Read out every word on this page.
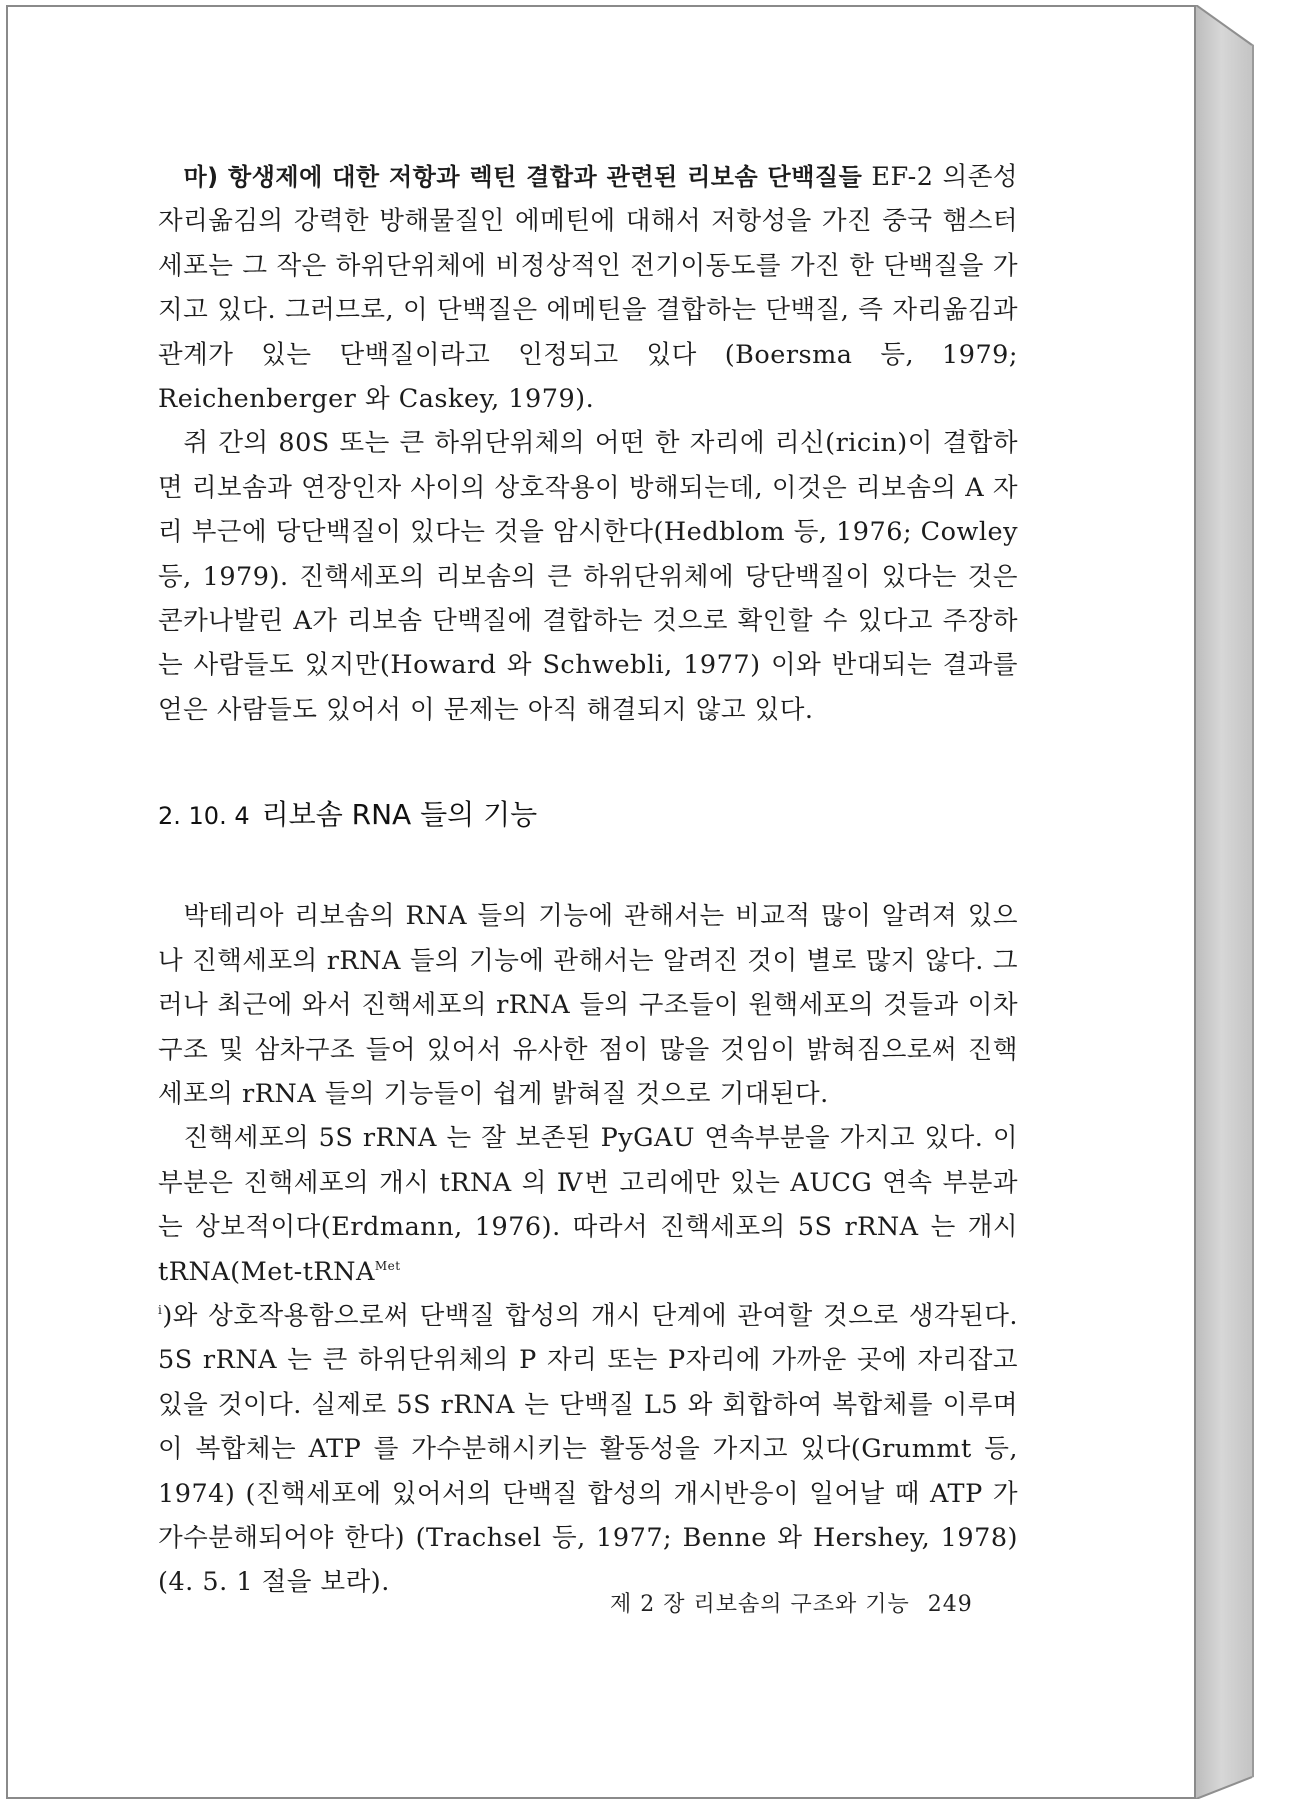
마) 항생제에 대한 저항과 렉틴 결합과 관련된 리보솜 단백질들 EF-2 의존성 자리옮김의 강력한 방해물질인 에메틴에 대해서 저항성을 가진 중국 햄스터 세포는 그 작은 하위단위체에 비정상적인 전기이동도를 가진 한 단백질을 가지고 있다. 그러므로, 이 단백질은 에메틴을 결합하는 단백질, 즉 자리옮김과 관계가 있는 단백질이라고 인정되고 있다 (Boersma 등, 1979; Reichenberger 와 Caskey, 1979).

쥐 간의 80S 또는 큰 하위단위체의 어떤 한 자리에 리신(ricin)이 결합하면 리보솜과 연장인자 사이의 상호작용이 방해되는데, 이것은 리보솜의 A 자리 부근에 당단백질이 있다는 것을 암시한다(Hedblom 등, 1976; Cowley 등, 1979). 진핵세포의 리보솜의 큰 하위단위체에 당단백질이 있다는 것은 콘카나발린 A가 리보솜 단백질에 결합하는 것으로 확인할 수 있다고 주장하는 사람들도 있지만(Howard 와 Schwebli, 1977) 이와 반대되는 결과를 얻은 사람들도 있어서 이 문제는 아직 해결되지 않고 있다.

2. 10. 4 리보솜 RNA 들의 기능

박테리아 리보솜의 RNA 들의 기능에 관해서는 비교적 많이 알려져 있으나 진핵세포의 rRNA 들의 기능에 관해서는 알려진 것이 별로 많지 않다. 그러나 최근에 와서 진핵세포의 rRNA 들의 구조들이 원핵세포의 것들과 이차구조 및 삼차구조 들어 있어서 유사한 점이 많을 것임이 밝혀짐으로써 진핵세포의 rRNA 들의 기능들이 쉽게 밝혀질 것으로 기대된다.

진핵세포의 5S rRNA 는 잘 보존된 PyGAU 연속부분을 가지고 있다. 이 부분은 진핵세포의 개시 tRNA 의 Ⅳ번 고리에만 있는 AUCG 연속 부분과는 상보적이다(Erdmann, 1976). 따라서 진핵세포의 5S rRNA 는 개시 tRNA(Met-tRNA$^{Met i}$)와 상호작용함으로써 단백질 합성의 개시 단계에 관여할 것으로 생각된다. 5S rRNA 는 큰 하위단위체의 P 자리 또는 P자리에 가까운 곳에 자리잡고 있을 것이다. 실제로 5S rRNA 는 단백질 L5 와 회합하여 복합체를 이루며 이 복합체는 ATP 를 가수분해시키는 활동성을 가지고 있다(Grummt 등, 1974) (진핵세포에 있어서의 단백질 합성의 개시반응이 일어날 때 ATP 가 가수분해되어야 한다) (Trachsel 등, 1977; Benne 와 Hershey, 1978) (4. 5. 1 절을 보라).

제 2 장 리보솜의 구조와 기능 249
